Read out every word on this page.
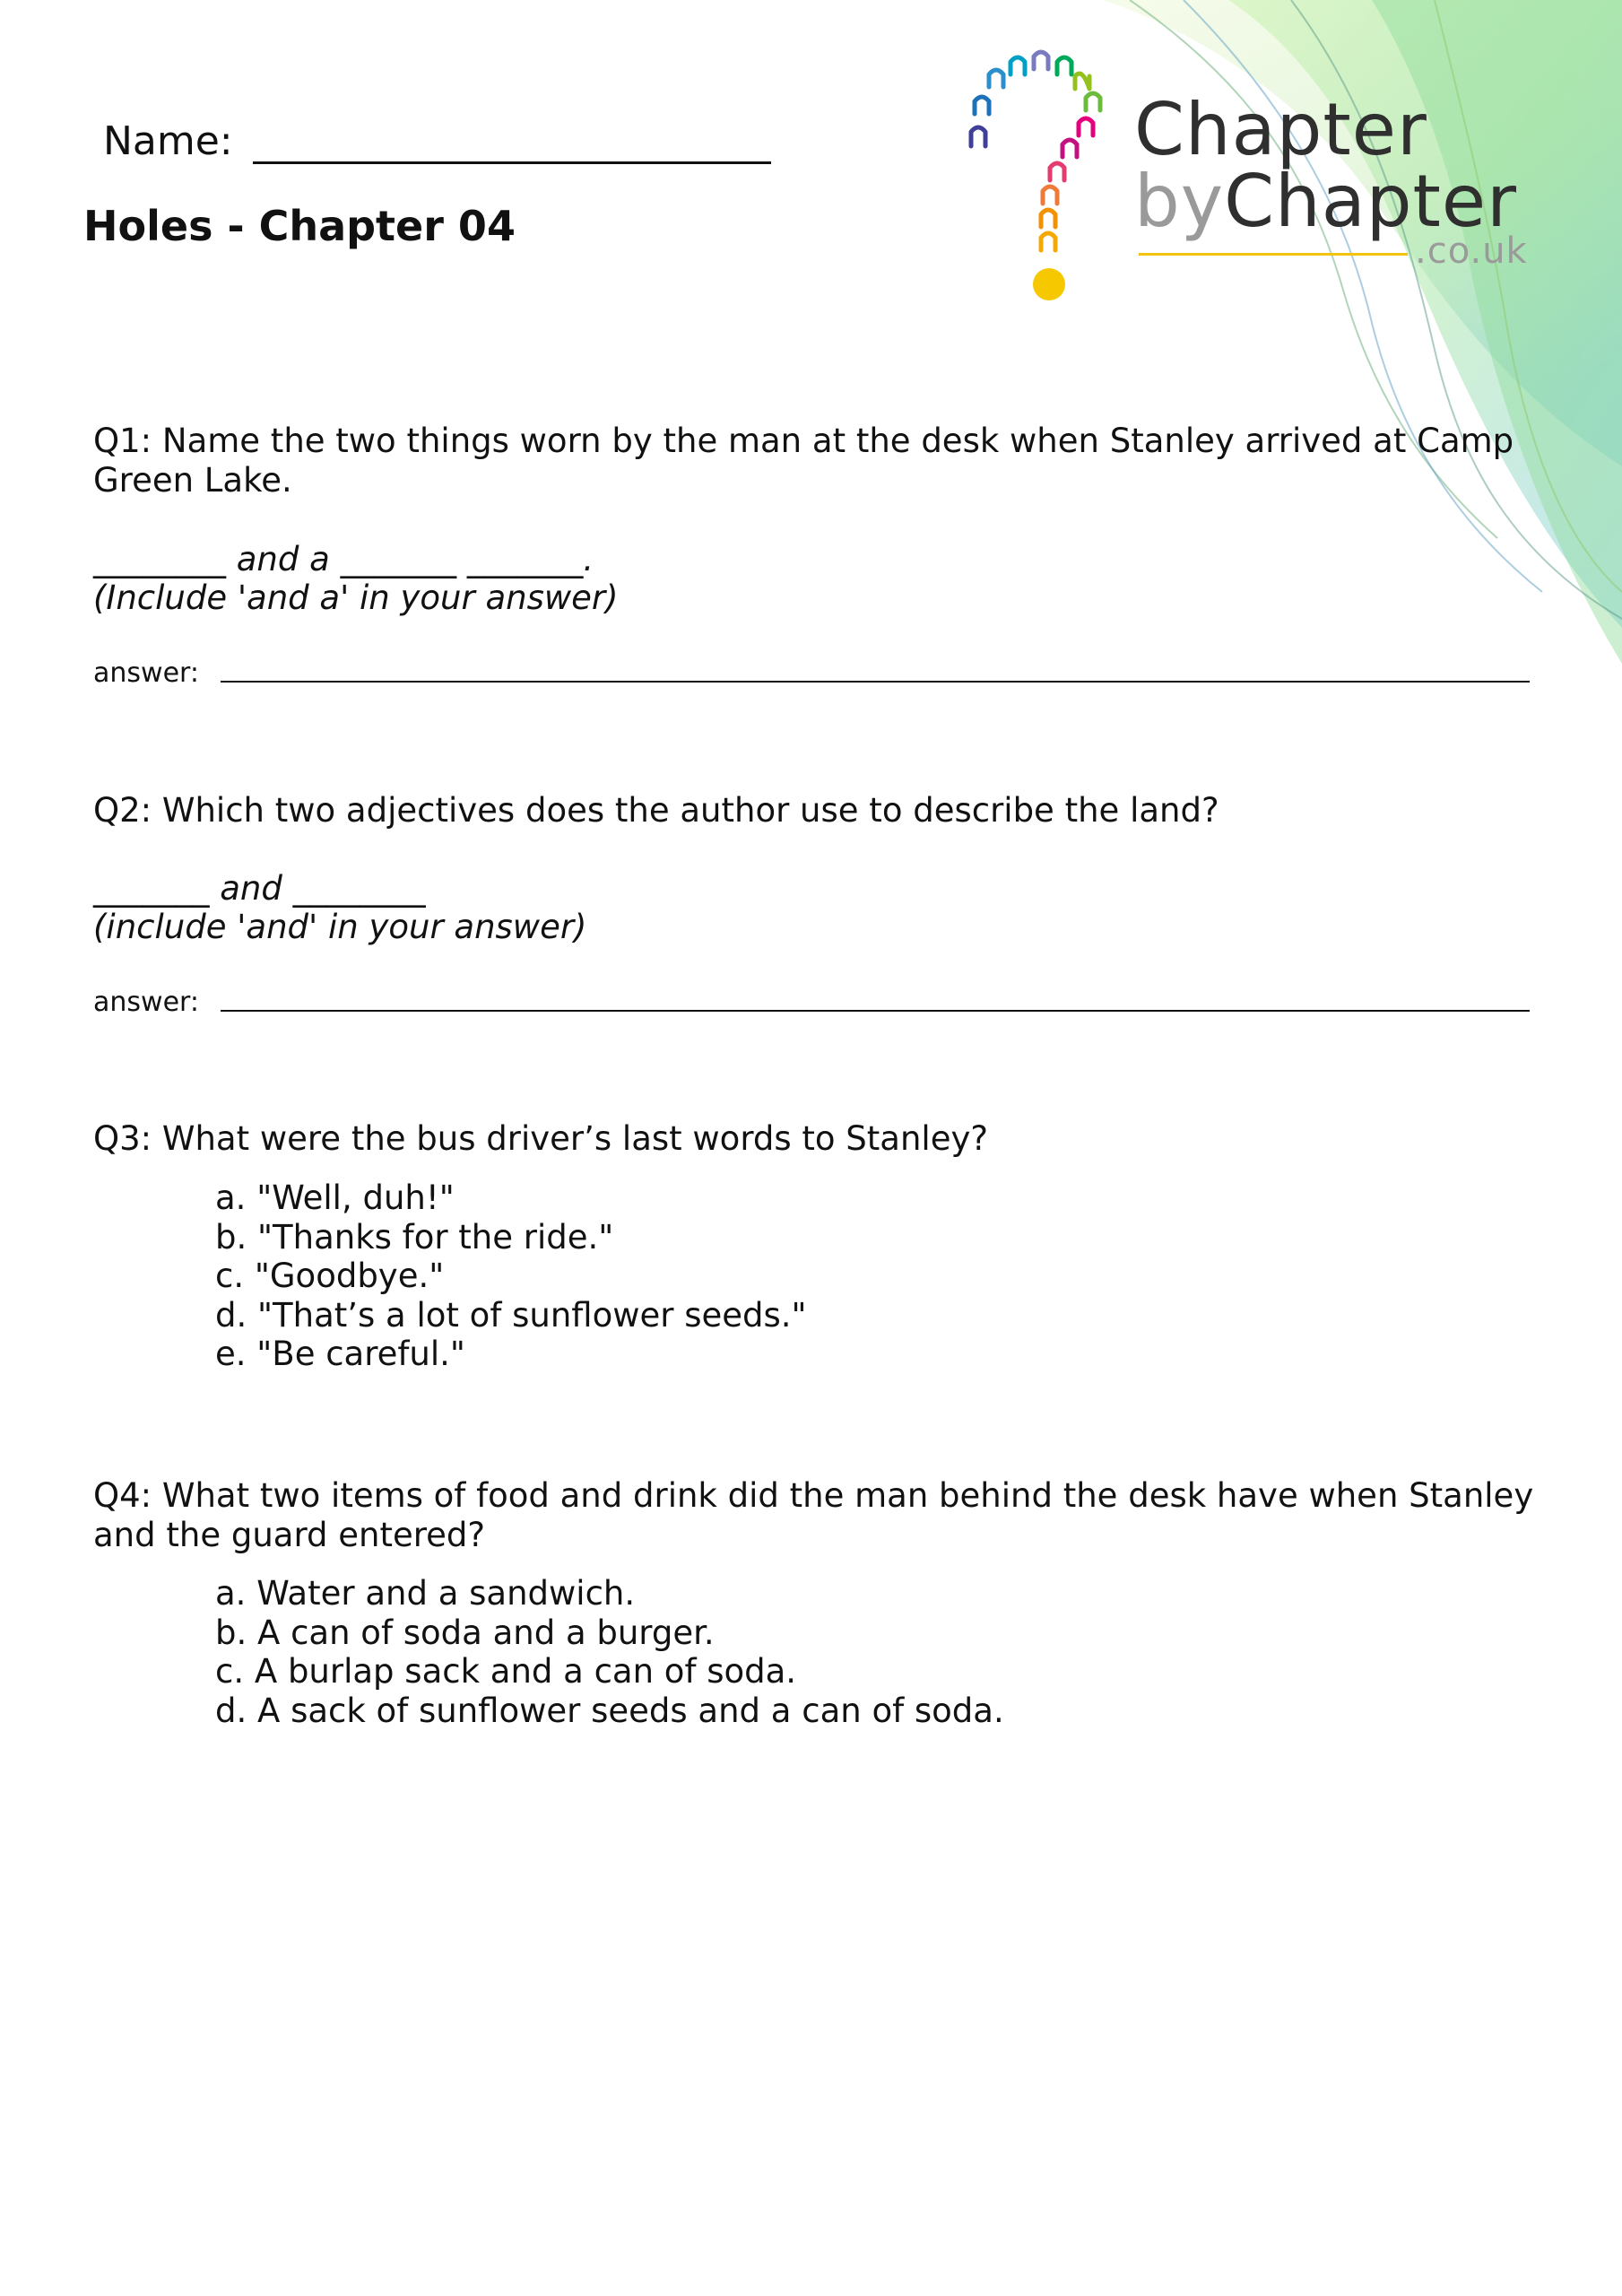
Chapter
byChapter
.co.uk
Name:
Holes - Chapter 04
Q1: Name the two things worn by the man at the desk when Stanley arrived at Camp Green Lake.
________ and a _______ _______.
(Include 'and a' in your answer)
answer:
Q2: Which two adjectives does the author use to describe the land?
_______ and ________
(include 'and' in your answer)
answer:
Q3: What were the bus driver’s last words to Stanley?
a. "Well, duh!"
b. "Thanks for the ride."
c. "Goodbye."
d. "That’s a lot of sunflower seeds."
e. "Be careful."
Q4: What two items of food and drink did the man behind the desk have when Stanley and the guard entered?
a. Water and a sandwich.
b. A can of soda and a burger.
c. A burlap sack and a can of soda.
d. A sack of sunflower seeds and a can of soda.
